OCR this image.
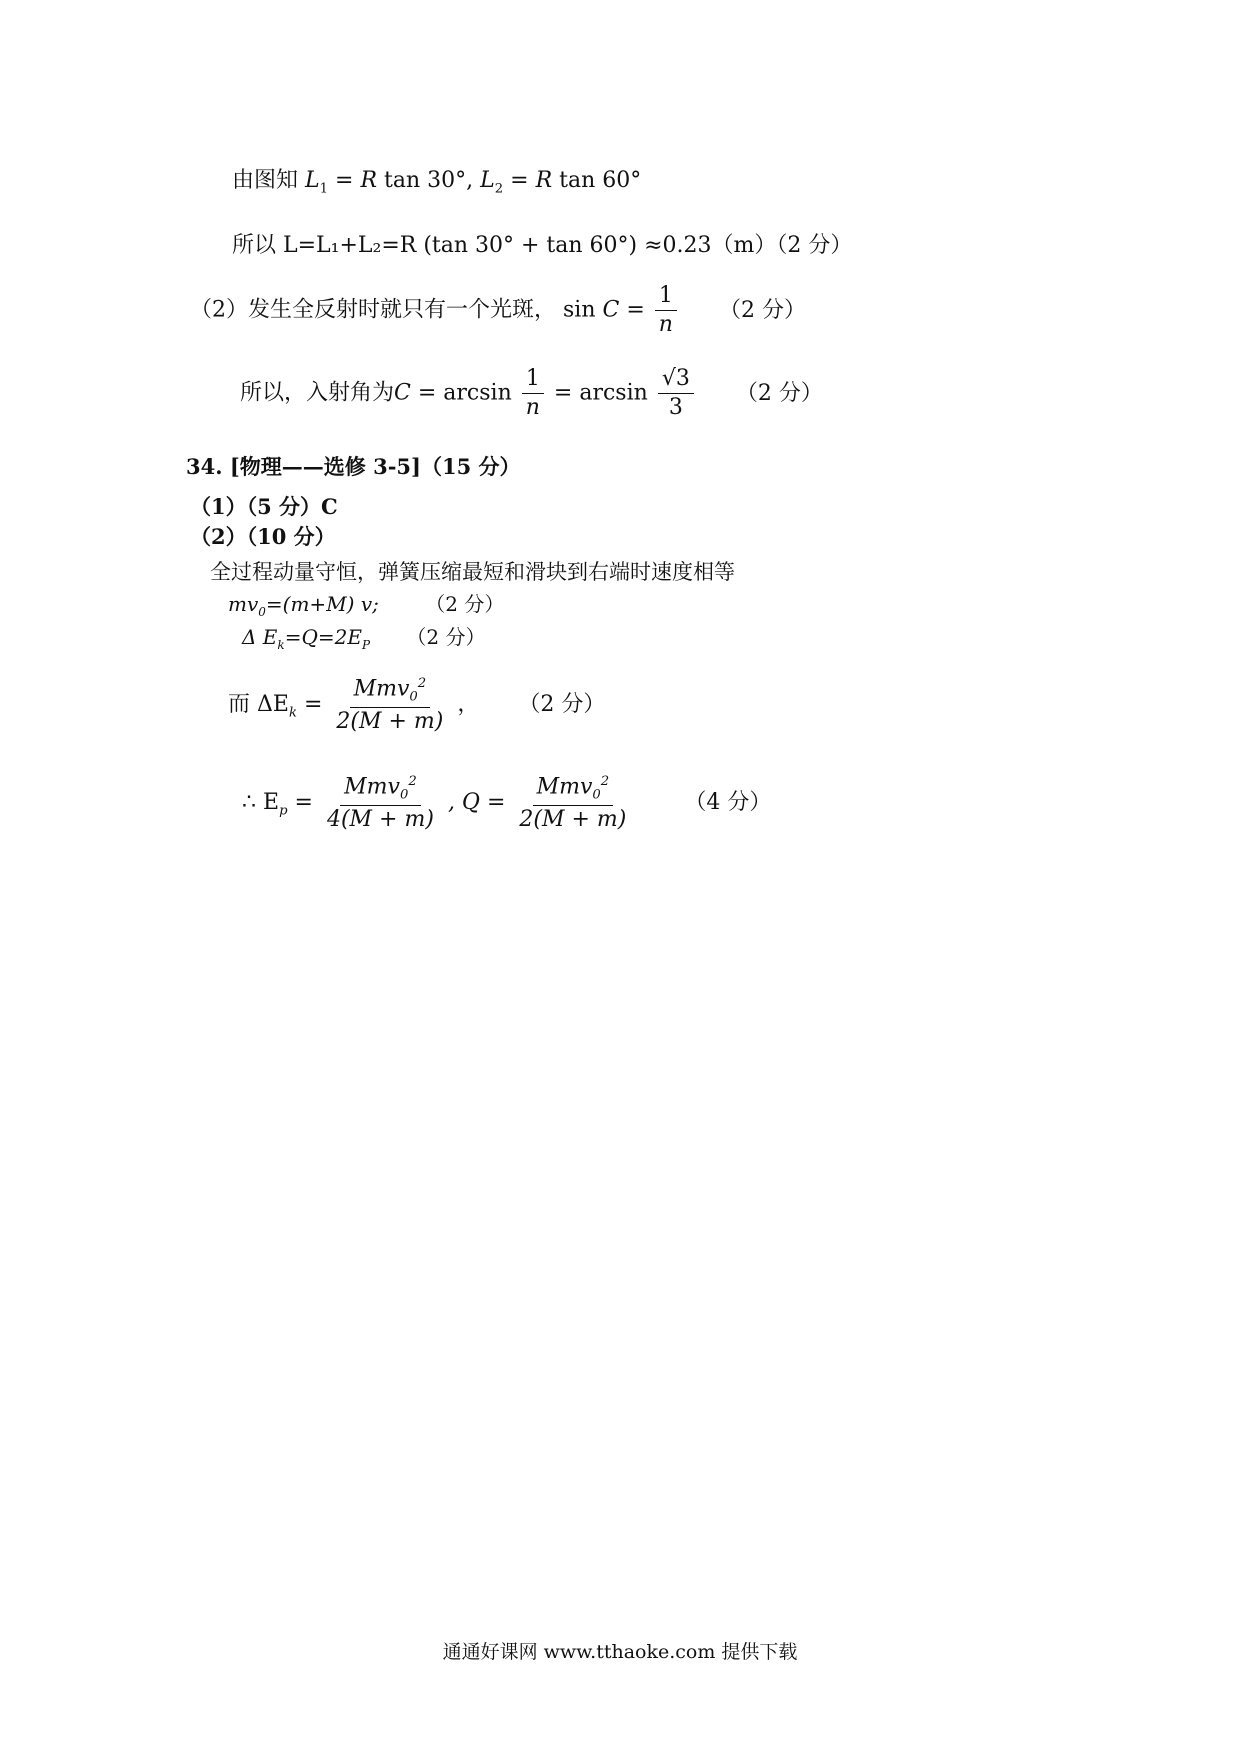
由图知 $L_1 = R$ tan 30°, $L_2 = R$ tan 60°
所以 L=L₁+L₂=R (tan 30° + tan 60°) ≈0.23（m）（2 分）
（2）发生全反射时就只有一个光斑， $\sin C = \frac{1}{n} (2$ 分）
所以，入射角为$C = \arcsin \frac{1}{n} = \arcsin \frac{√3}{3} (2$ 分）
34. [物理——选修 3-5]（15 分）
（1）（5 分）C
（2）（10 分）
全过程动量守恒，弹簧压缩最短和滑块到右端时速度相等
$mv_0=(m+M)$ v; （2 分）
Δ $E_k=Q=2E_P$ （2 分）
而 $\Delta E_k = \frac{Mmv_0^2}{2(M + m)}$ ， （2 分）
∴ $E_p = \frac{Mmv_0^2}{4(M + m)}$ , $Q = \frac{Mmv_0^2}{2(M + m)} (4$ 分）
通通好课网 www.tthaoke.com 提供下载
